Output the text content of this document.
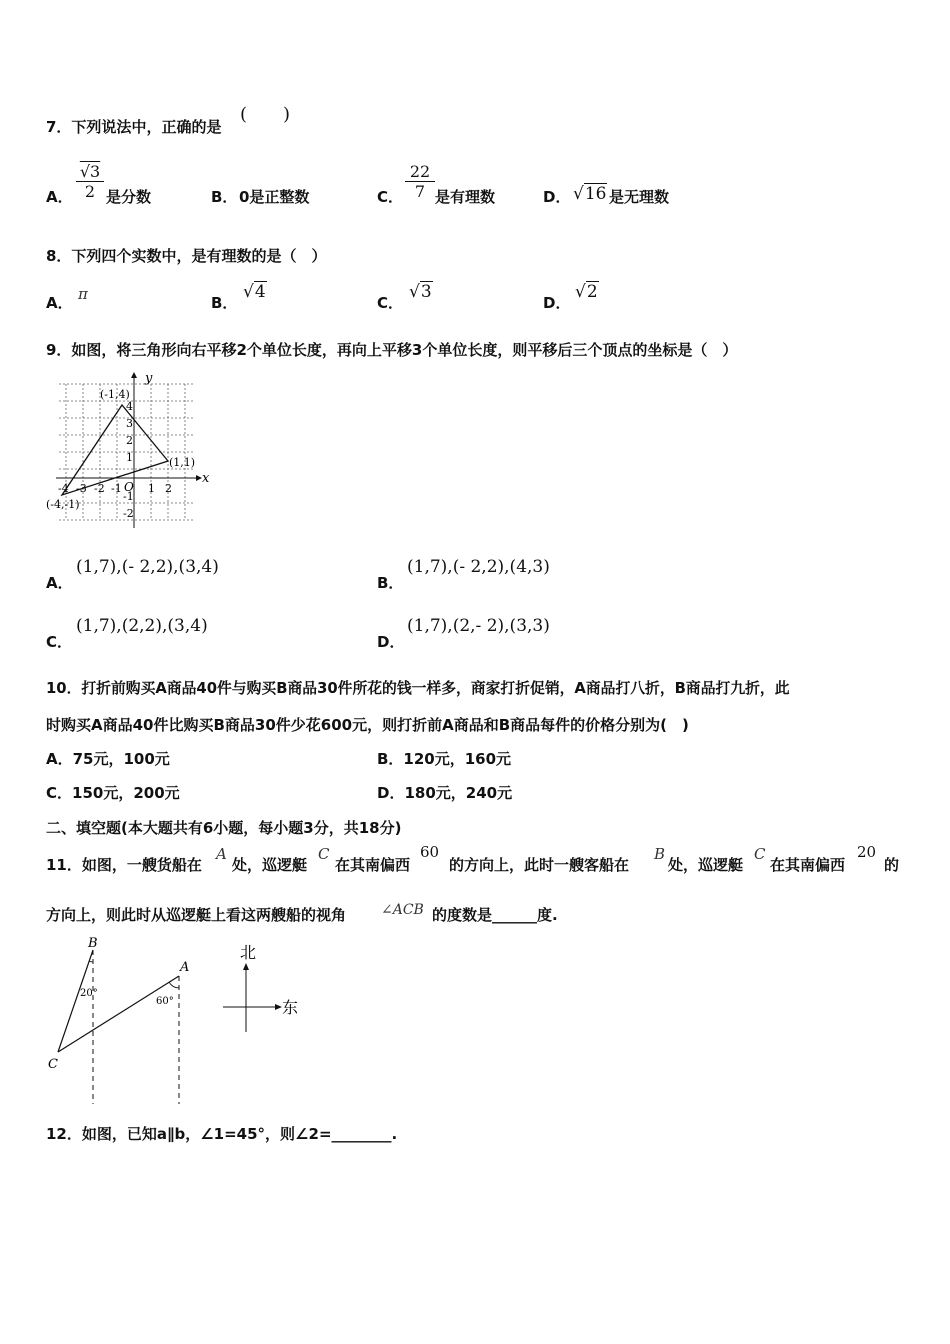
7．下列说法中，正确的是
(　　)
A． $\frac{√3}{2}$ 是分数	B． 0是正整数	C． $\frac{22}{7}$ 是有理数	D． √16 是无理数
8．下列四个实数中，是有理数的是（　）
A． π	B．
√4
C．
√3
D．
√2
9．如图，将三角形向右平移2个单位长度，再向上平移3个单位长度，则平移后三个顶点的坐标是（　）
x
y
O
-4 -3 -2 -1 1 2
4
3
2
1
-1
-2
(-1,4)
(1,1)
(-4,-1)
A．
(1,7),(- 2,2),(3,4)
B．
(1,7),(- 2,2),(4,3)
C．
(1,7),(2,2),(3,4)
D．
(1,7),(2,- 2),(3,3)
10．打折前购买A商品40件与购买B商品30件所花的钱一样多，商家打折促销，A商品打八折，B商品打九折，此
时购买A商品40件比购买B商品30件少花600元，则打折前A商品和B商品每件的价格分别为(　)
A．75元，100元	B．120元，160元
C．150元，200元	D．180元，240元
二、填空题(本大题共有6小题，每小题3分，共18分)
11．如图，一艘货船在
A
处，巡逻艇
C
在其南偏西
60
的方向上，此时一艘客船在
B
处，巡逻艇
C
在其南偏西
20
的
方向上，则此时从巡逻艇上看这两艘船的视角 ∠ACB 的度数是______度.
B
A
C
20°
60°
北
东
12．如图，已知a∥b，∠1=45°，则∠2=________.
